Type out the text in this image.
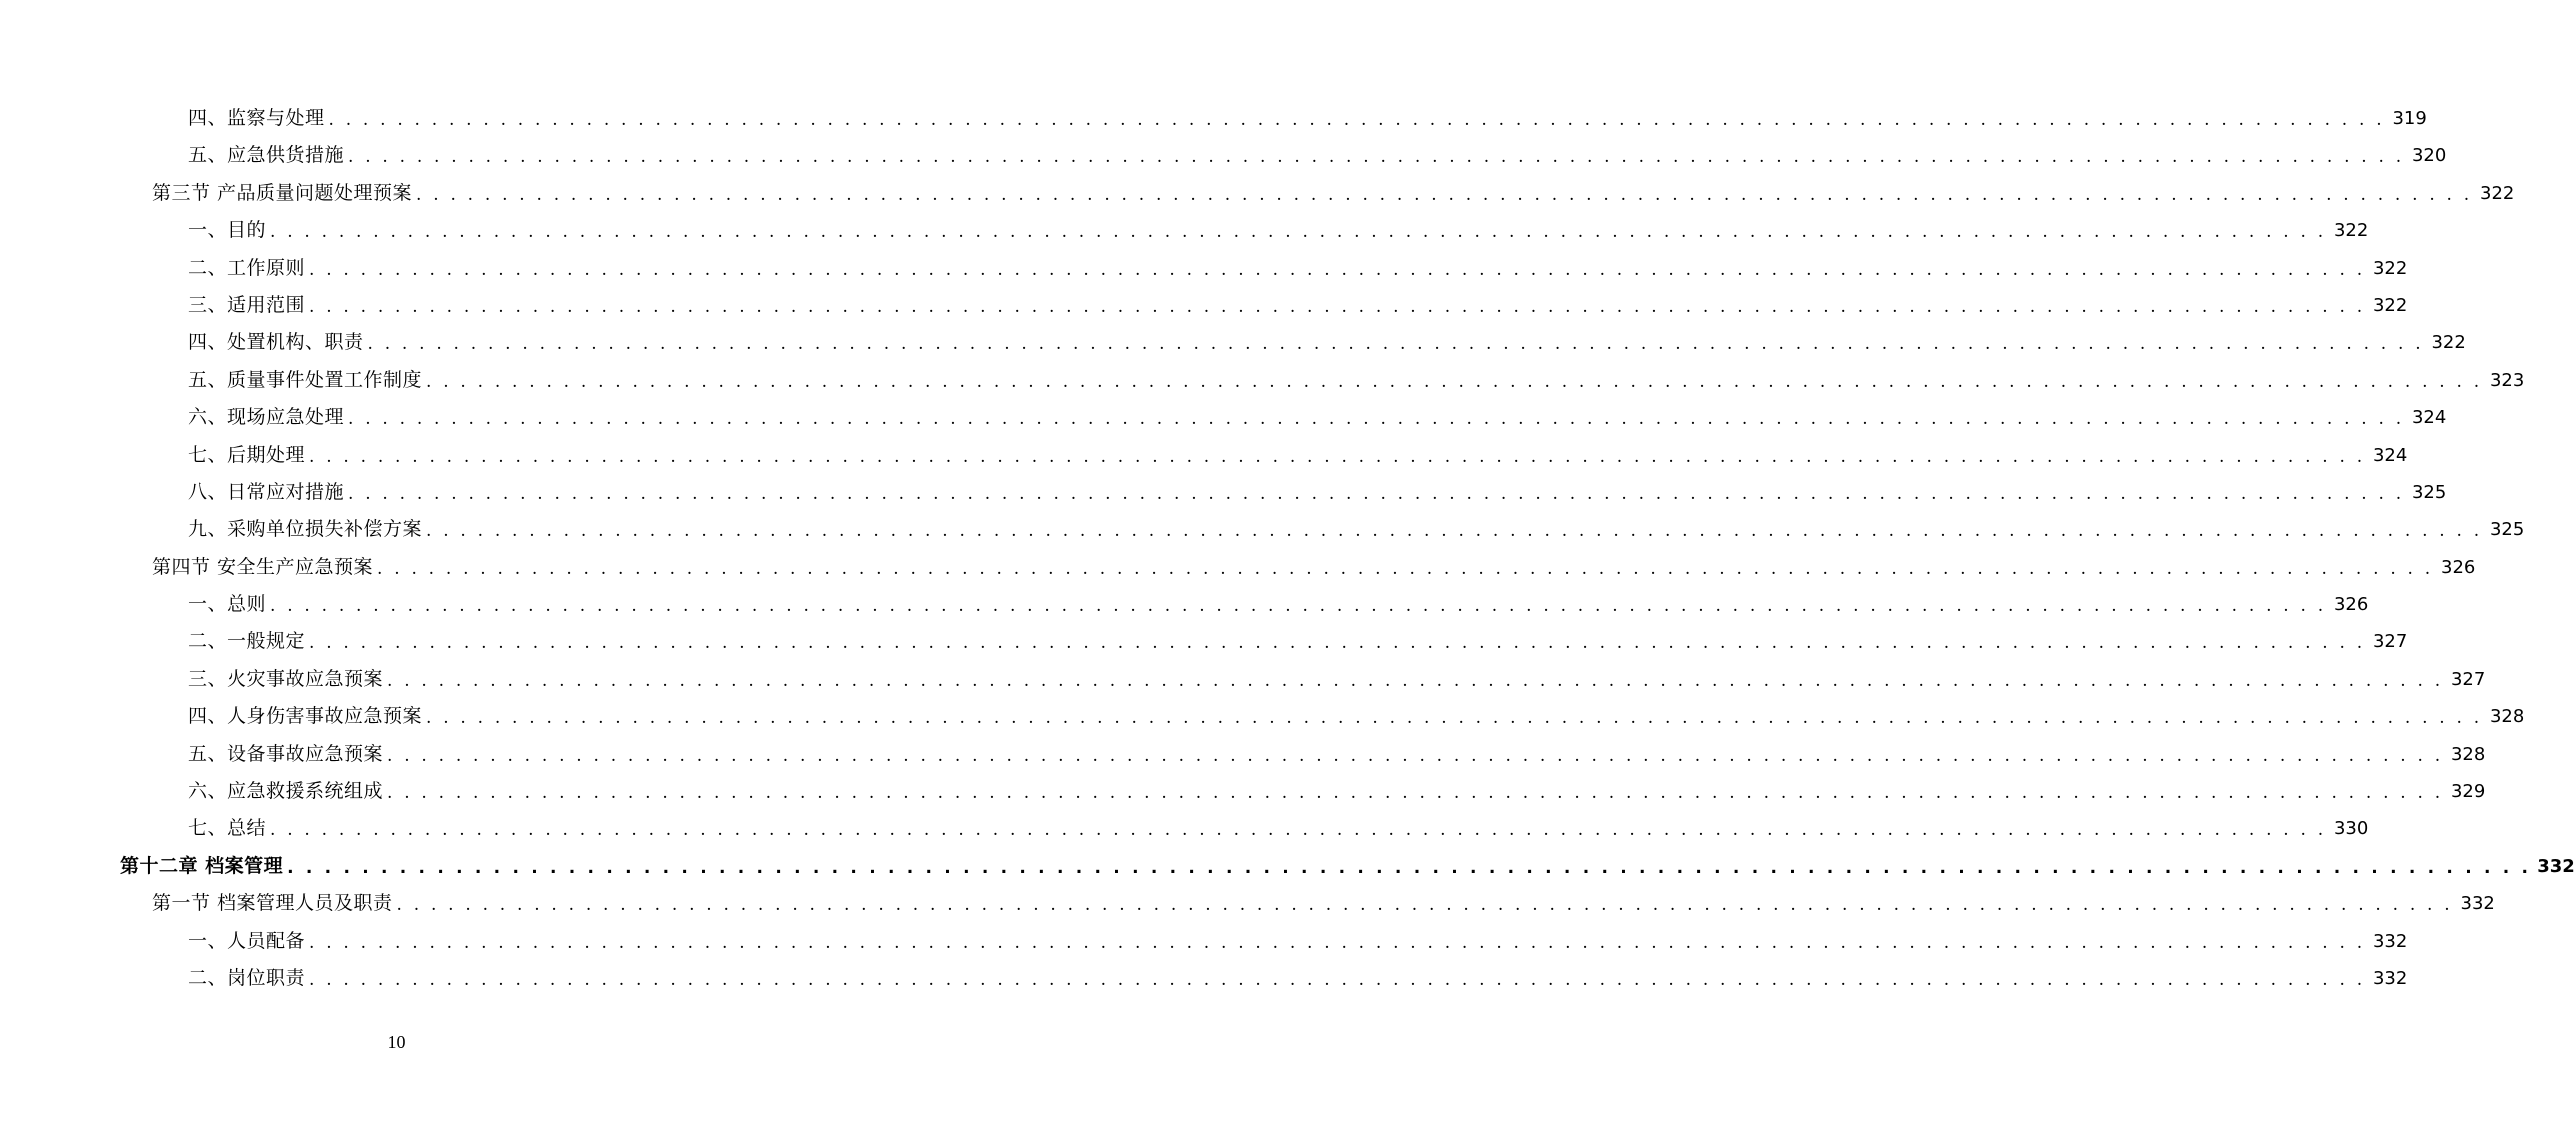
四、监察与处理 . . . . . . . . . . . . . . . . . . . . . . . . . . . . . . . . . . . . . . . . . . . . . . . . . . . . . . . . . . . . . . . . . . . . . . . . . . . . . . . . . . . . . . . . . . . . . . . . . . . . . . . . . . . . . . . . . . . . . . . . 319
五、应急供货措施 . . . . . . . . . . . . . . . . . . . . . . . . . . . . . . . . . . . . . . . . . . . . . . . . . . . . . . . . . . . . . . . . . . . . . . . . . . . . . . . . . . . . . . . . . . . . . . . . . . . . . . . . . . . . . . . . . . . . . . . . 320
第三节 产品质量问题处理预案 . . . . . . . . . . . . . . . . . . . . . . . . . . . . . . . . . . . . . . . . . . . . . . . . . . . . . . . . . . . . . . . . . . . . . . . . . . . . . . . . . . . . . . . . . . . . . . . . . . . . . . . . . . . . . . . . . . . . . . . . 322
一、目的 . . . . . . . . . . . . . . . . . . . . . . . . . . . . . . . . . . . . . . . . . . . . . . . . . . . . . . . . . . . . . . . . . . . . . . . . . . . . . . . . . . . . . . . . . . . . . . . . . . . . . . . . . . . . . . . . . . . . . . . . 322
二、工作原则 . . . . . . . . . . . . . . . . . . . . . . . . . . . . . . . . . . . . . . . . . . . . . . . . . . . . . . . . . . . . . . . . . . . . . . . . . . . . . . . . . . . . . . . . . . . . . . . . . . . . . . . . . . . . . . . . . . . . . . . . 322
三、适用范围 . . . . . . . . . . . . . . . . . . . . . . . . . . . . . . . . . . . . . . . . . . . . . . . . . . . . . . . . . . . . . . . . . . . . . . . . . . . . . . . . . . . . . . . . . . . . . . . . . . . . . . . . . . . . . . . . . . . . . . . . 322
四、处置机构、职责 . . . . . . . . . . . . . . . . . . . . . . . . . . . . . . . . . . . . . . . . . . . . . . . . . . . . . . . . . . . . . . . . . . . . . . . . . . . . . . . . . . . . . . . . . . . . . . . . . . . . . . . . . . . . . . . . . . . . . . . . 322
五、质量事件处置工作制度 . . . . . . . . . . . . . . . . . . . . . . . . . . . . . . . . . . . . . . . . . . . . . . . . . . . . . . . . . . . . . . . . . . . . . . . . . . . . . . . . . . . . . . . . . . . . . . . . . . . . . . . . . . . . . . . . . . . . . . . . 323
六、现场应急处理 . . . . . . . . . . . . . . . . . . . . . . . . . . . . . . . . . . . . . . . . . . . . . . . . . . . . . . . . . . . . . . . . . . . . . . . . . . . . . . . . . . . . . . . . . . . . . . . . . . . . . . . . . . . . . . . . . . . . . . . . 324
七、后期处理 . . . . . . . . . . . . . . . . . . . . . . . . . . . . . . . . . . . . . . . . . . . . . . . . . . . . . . . . . . . . . . . . . . . . . . . . . . . . . . . . . . . . . . . . . . . . . . . . . . . . . . . . . . . . . . . . . . . . . . . . 324
八、日常应对措施 . . . . . . . . . . . . . . . . . . . . . . . . . . . . . . . . . . . . . . . . . . . . . . . . . . . . . . . . . . . . . . . . . . . . . . . . . . . . . . . . . . . . . . . . . . . . . . . . . . . . . . . . . . . . . . . . . . . . . . . . 325
九、采购单位损失补偿方案 . . . . . . . . . . . . . . . . . . . . . . . . . . . . . . . . . . . . . . . . . . . . . . . . . . . . . . . . . . . . . . . . . . . . . . . . . . . . . . . . . . . . . . . . . . . . . . . . . . . . . . . . . . . . . . . . . . . . . . . . 325
第四节 安全生产应急预案 . . . . . . . . . . . . . . . . . . . . . . . . . . . . . . . . . . . . . . . . . . . . . . . . . . . . . . . . . . . . . . . . . . . . . . . . . . . . . . . . . . . . . . . . . . . . . . . . . . . . . . . . . . . . . . . . . . . . . . . . 326
一、总则 . . . . . . . . . . . . . . . . . . . . . . . . . . . . . . . . . . . . . . . . . . . . . . . . . . . . . . . . . . . . . . . . . . . . . . . . . . . . . . . . . . . . . . . . . . . . . . . . . . . . . . . . . . . . . . . . . . . . . . . . 326
二、一般规定 . . . . . . . . . . . . . . . . . . . . . . . . . . . . . . . . . . . . . . . . . . . . . . . . . . . . . . . . . . . . . . . . . . . . . . . . . . . . . . . . . . . . . . . . . . . . . . . . . . . . . . . . . . . . . . . . . . . . . . . . 327
三、火灾事故应急预案 . . . . . . . . . . . . . . . . . . . . . . . . . . . . . . . . . . . . . . . . . . . . . . . . . . . . . . . . . . . . . . . . . . . . . . . . . . . . . . . . . . . . . . . . . . . . . . . . . . . . . . . . . . . . . . . . . . . . . . . . 327
四、人身伤害事故应急预案 . . . . . . . . . . . . . . . . . . . . . . . . . . . . . . . . . . . . . . . . . . . . . . . . . . . . . . . . . . . . . . . . . . . . . . . . . . . . . . . . . . . . . . . . . . . . . . . . . . . . . . . . . . . . . . . . . . . . . . . . 328
五、设备事故应急预案 . . . . . . . . . . . . . . . . . . . . . . . . . . . . . . . . . . . . . . . . . . . . . . . . . . . . . . . . . . . . . . . . . . . . . . . . . . . . . . . . . . . . . . . . . . . . . . . . . . . . . . . . . . . . . . . . . . . . . . . . 328
六、应急救援系统组成 . . . . . . . . . . . . . . . . . . . . . . . . . . . . . . . . . . . . . . . . . . . . . . . . . . . . . . . . . . . . . . . . . . . . . . . . . . . . . . . . . . . . . . . . . . . . . . . . . . . . . . . . . . . . . . . . . . . . . . . . 329
七、总结 . . . . . . . . . . . . . . . . . . . . . . . . . . . . . . . . . . . . . . . . . . . . . . . . . . . . . . . . . . . . . . . . . . . . . . . . . . . . . . . . . . . . . . . . . . . . . . . . . . . . . . . . . . . . . . . . . . . . . . . . 330
第十二章 档案管理 . . . . . . . . . . . . . . . . . . . . . . . . . . . . . . . . . . . . . . . . . . . . . . . . . . . . . . . . . . . . . . . . . . . . . . . . . . . . . . . . . . . . . . . . . . . . . . . . . . . . . . . . . . . . . . . . . . . . . . . . 332
第一节 档案管理人员及职责 . . . . . . . . . . . . . . . . . . . . . . . . . . . . . . . . . . . . . . . . . . . . . . . . . . . . . . . . . . . . . . . . . . . . . . . . . . . . . . . . . . . . . . . . . . . . . . . . . . . . . . . . . . . . . . . . . . . . . . . . 332
一、人员配备 . . . . . . . . . . . . . . . . . . . . . . . . . . . . . . . . . . . . . . . . . . . . . . . . . . . . . . . . . . . . . . . . . . . . . . . . . . . . . . . . . . . . . . . . . . . . . . . . . . . . . . . . . . . . . . . . . . . . . . . . 332
二、岗位职责 . . . . . . . . . . . . . . . . . . . . . . . . . . . . . . . . . . . . . . . . . . . . . . . . . . . . . . . . . . . . . . . . . . . . . . . . . . . . . . . . . . . . . . . . . . . . . . . . . . . . . . . . . . . . . . . . . . . . . . . . 332
10
